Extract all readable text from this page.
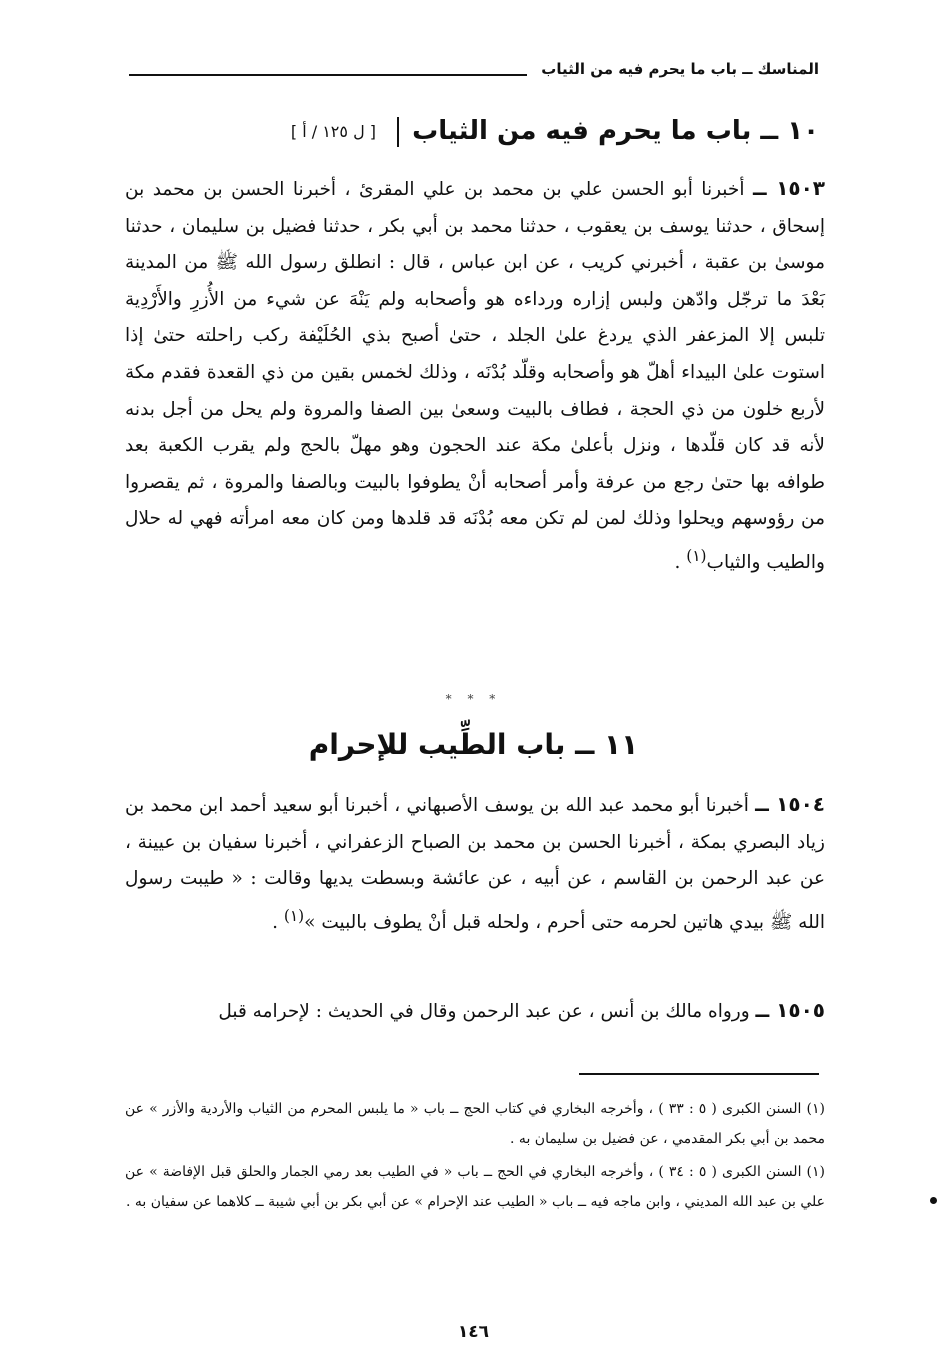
المناسك ــ باب ما يحرم فيه من الثياب
١٠ ــ باب ما يحرم فيه من الثياب  [ ل ١٢٥ / أ ]
١٥٠٣ ــ أخبرنا أبو الحسن علي بن محمد بن علي المقرئ ، أخبرنا الحسن بن محمد بن إسحاق ، حدثنا يوسف بن يعقوب ، حدثنا محمد بن أبي بكر ، حدثنا فضيل بن سليمان ، حدثنا موسىٰ بن عقبة ، أخبرني كريب ، عن ابن عباس ، قال : انطلق رسول الله ﷺ من المدينة بَعْدَ ما ترجّل وادّهن ولبس إزاره ورداءه هو وأصحابه ولم يَنْهَ عن شيء من الأُزرِ والأَرْدِية تلبس إلا المزعفر الذي يردغ علىٰ الجلد ، حتىٰ أصبح بذي الحُلَيْفة ركب راحلته حتىٰ إذا استوت علىٰ البيداء أهلّ هو وأصحابه وقلّد بُدْنَه ، وذلك لخمس بقين من ذي القعدة فقدم مكة لأربع خلون من ذي الحجة ، فطاف بالبيت وسعىٰ بين الصفا والمروة ولم يحل من أجل بدنه لأنه قد كان قلّدها ، ونزل بأعلىٰ مكة عند الحجون وهو مهلّ بالحج ولم يقرب الكعبة بعد طوافه بها حتىٰ رجع من عرفة وأمر أصحابه أنْ يطوفوا بالبيت وبالصفا والمروة ، ثم يقصروا من رؤوسهم ويحلوا وذلك لمن لم تكن معه بُدْنَه قد قلدها ومن كان معه امرأته فهي له حلال والطيب والثياب$^{(١)}$ .
* * *
١١ ــ باب الطِّيب للإحرام
١٥٠٤ ــ أخبرنا أبو محمد عبد الله بن يوسف الأصبهاني ، أخبرنا أبو سعيد أحمد ابن محمد بن زياد البصري بمكة ، أخبرنا الحسن بن محمد بن الصباح الزعفراني ، أخبرنا سفيان بن عيينة ، عن عبد الرحمن بن القاسم ، عن أبيه ، عن عائشة وبسطت يديها وقالت : « طيبت رسول الله ﷺ بيدي هاتين لحرمه حتى أحرم ، ولحله قبل أنْ يطوف بالبيت »$^{(١)}$ .
١٥٠٥ ــ ورواه مالك بن أنس ، عن عبد الرحمن وقال في الحديث : لإحرامه قبل
(١) السنن الكبرى ( ٥ : ٣٣ ) ، وأخرجه البخاري في كتاب الحج ــ باب « ما يلبس المحرم من الثياب والأردية والأزر » عن محمد بن أبي بكر المقدمي ، عن فضيل بن سليمان به .
(١) السنن الكبرى ( ٥ : ٣٤ ) ، وأخرجه البخاري في الحج ــ باب « في الطيب بعد رمي الجمار والحلق قبل الإفاضة » عن علي بن عبد الله المديني ، وابن ماجه فيه ــ باب « الطيب عند الإحرام » عن أبي بكر بن أبي شيبة ــ كلاهما عن سفيان به .
١٤٦
